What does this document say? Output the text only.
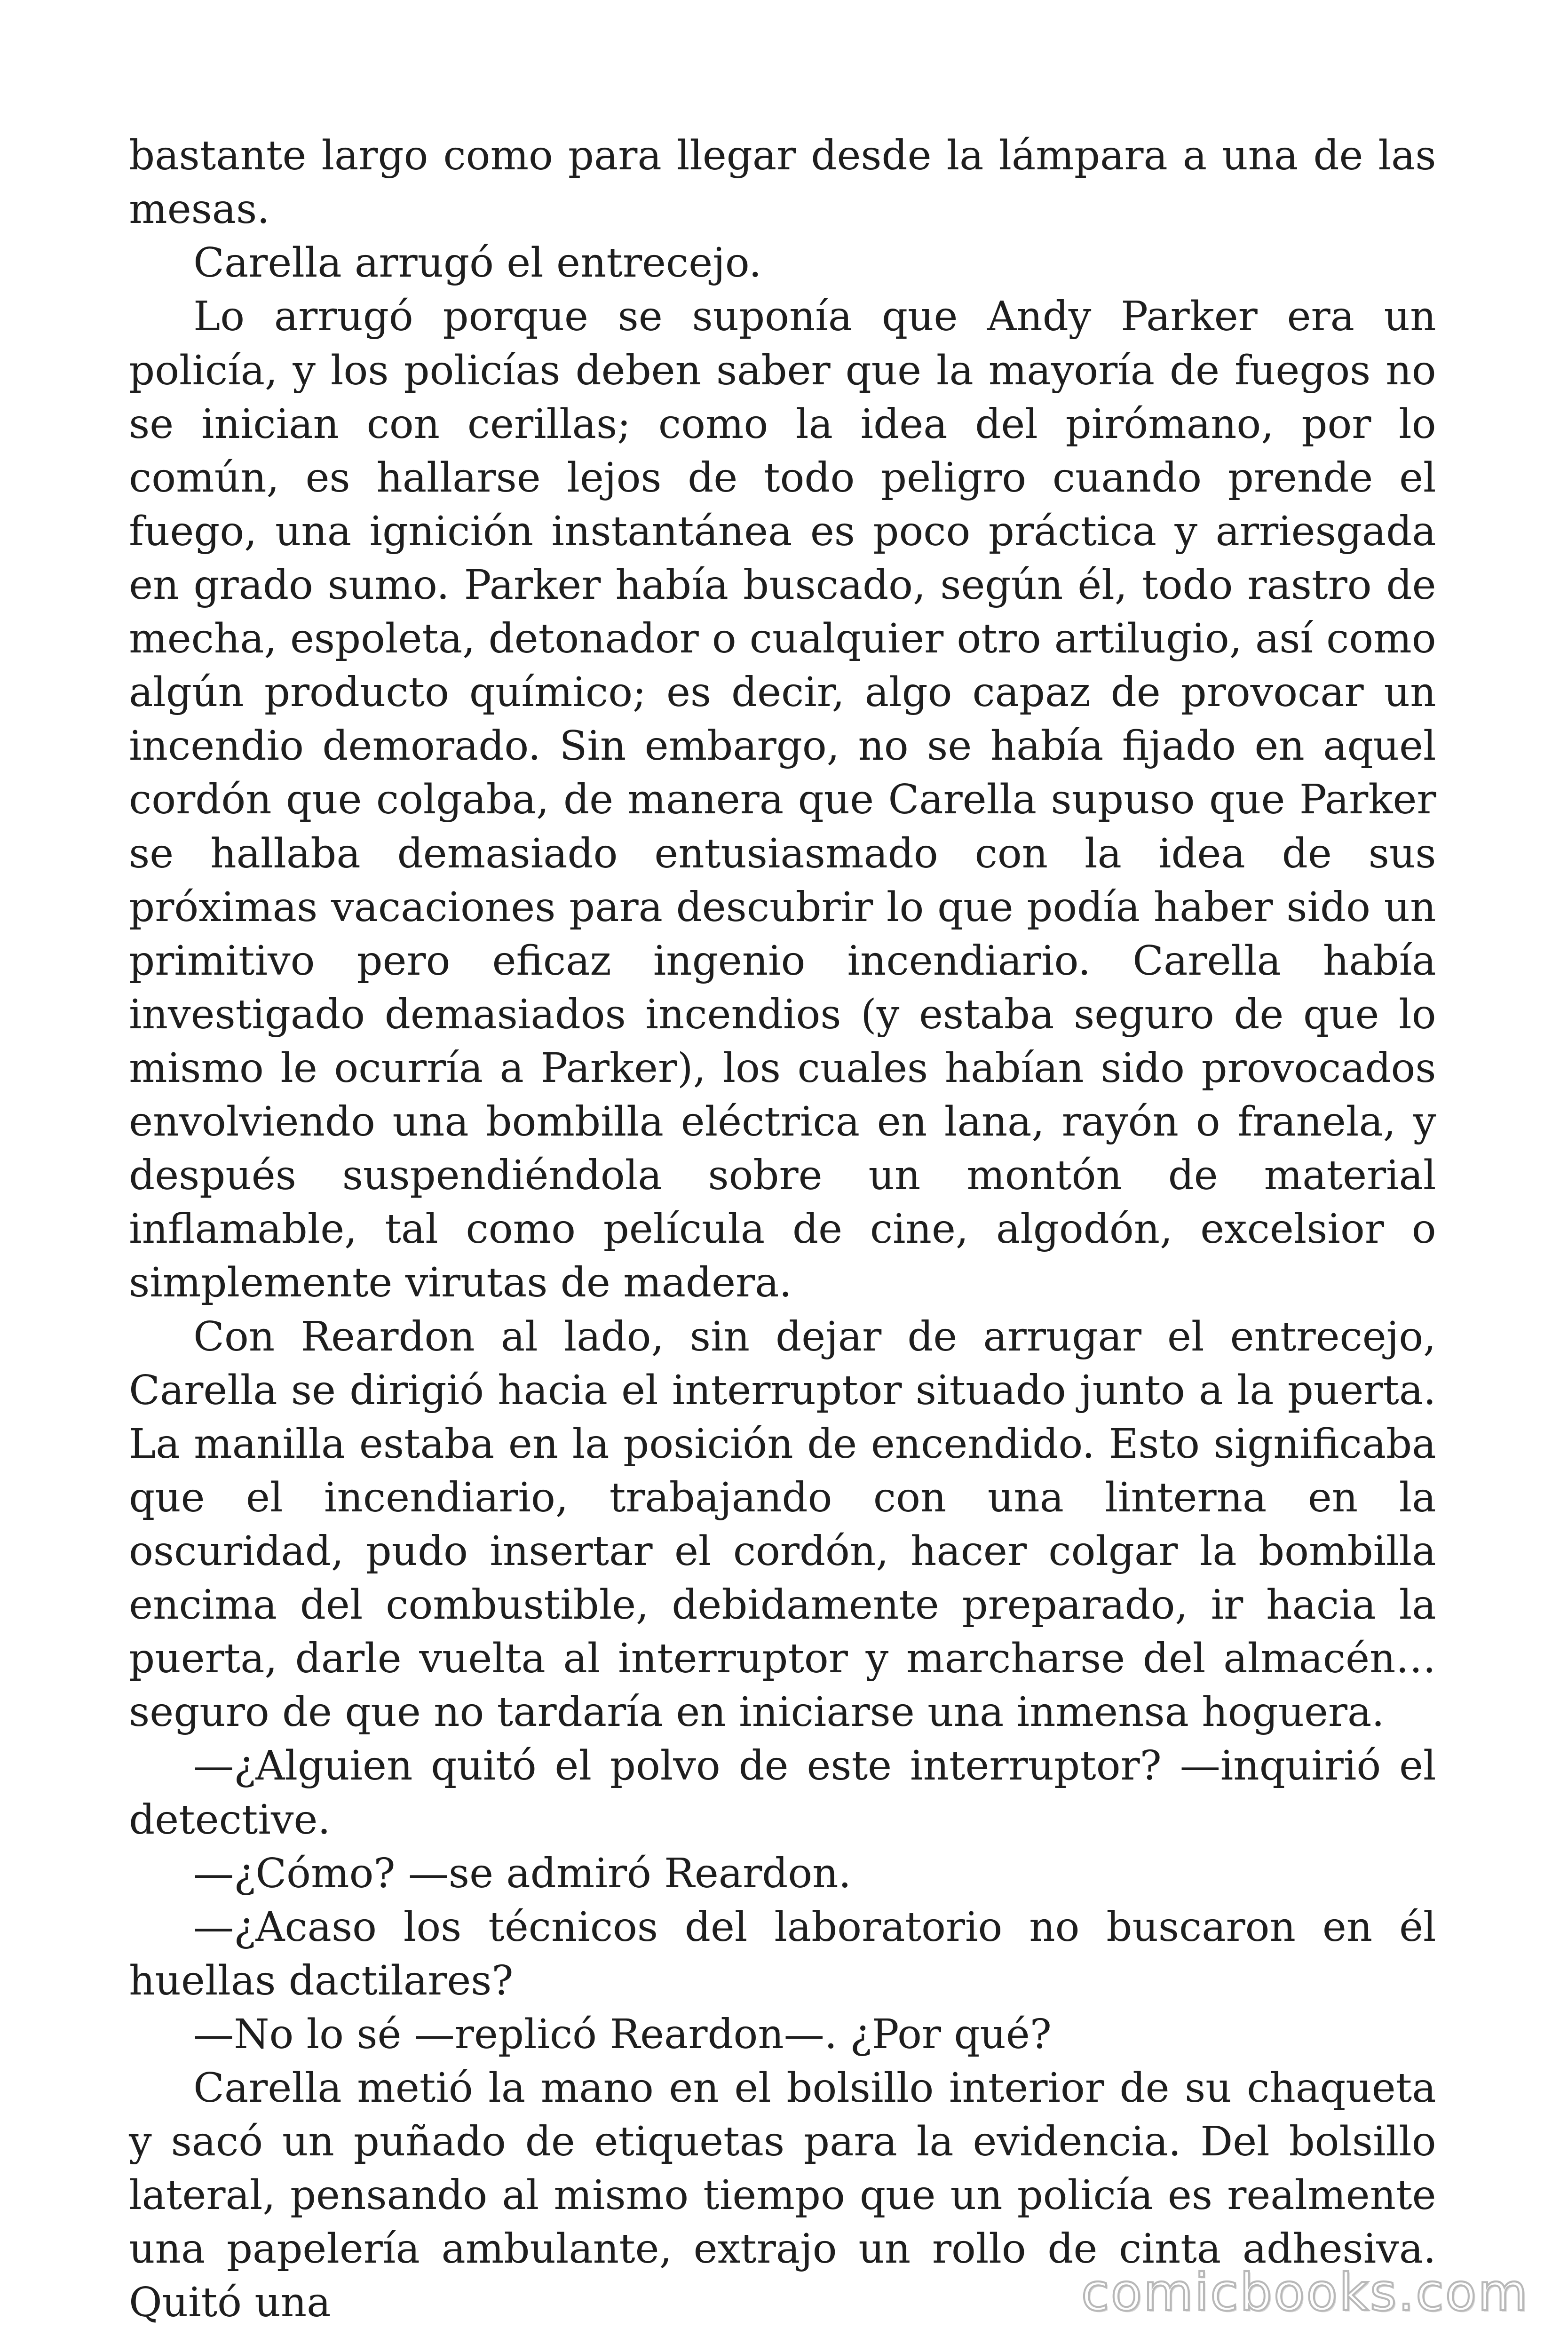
bastante largo como para llegar desde la lámpara a una de las mesas.

Carella arrugó el entrecejo.

Lo arrugó porque se suponía que Andy Parker era un policía, y los policías deben saber que la mayoría de fuegos no se inician con cerillas; como la idea del pirómano, por lo común, es hallarse lejos de todo peligro cuando prende el fuego, una ignición instantánea es poco práctica y arriesgada en grado sumo. Parker había buscado, según él, todo rastro de mecha, espoleta, detonador o cualquier otro artilugio, así como algún producto químico; es decir, algo capaz de provocar un incendio demorado. Sin embargo, no se había fijado en aquel cordón que colgaba, de manera que Carella supuso que Parker se hallaba demasiado entusiasmado con la idea de sus próximas vacaciones para descubrir lo que podía haber sido un primitivo pero eficaz ingenio incendiario. Carella había investigado demasiados incendios (y estaba seguro de que lo mismo le ocurría a Parker), los cuales habían sido provocados envolviendo una bombilla eléctrica en lana, rayón o franela, y después suspendiéndola sobre un montón de material inflamable, tal como película de cine, algodón, excelsior o simplemente virutas de madera.

Con Reardon al lado, sin dejar de arrugar el entrecejo, Carella se dirigió hacia el interruptor situado junto a la puerta. La manilla estaba en la posición de encendido. Esto significaba que el incendiario, trabajando con una linterna en la oscuridad, pudo insertar el cordón, hacer colgar la bombilla encima del combustible, debidamente preparado, ir hacia la puerta, darle vuelta al interruptor y marcharse del almacén… seguro de que no tardaría en iniciarse una inmensa hoguera.

—¿Alguien quitó el polvo de este interruptor? —inquirió el detective.

—¿Cómo? —se admiró Reardon.

—¿Acaso los técnicos del laboratorio no buscaron en él huellas dactilares?

—No lo sé —replicó Reardon—. ¿Por qué?

Carella metió la mano en el bolsillo interior de su chaqueta y sacó un puñado de etiquetas para la evidencia. Del bolsillo lateral, pensando al mismo tiempo que un policía es realmente una papelería ambulante, extrajo un rollo de cinta adhesiva. Quitó una	comicbooks.com
